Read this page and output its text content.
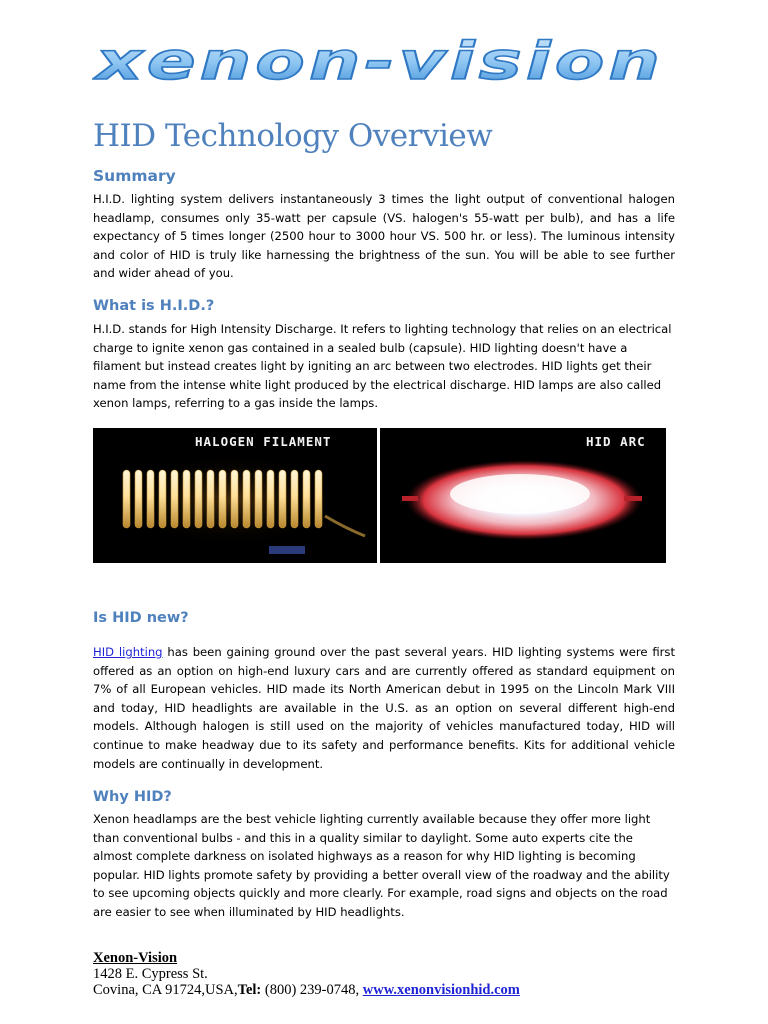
xenon-vision
HID Technology Overview
Summary

H.I.D. lighting system delivers instantaneously 3 times the light output of conventional halogen headlamp, consumes only 35-watt per capsule (VS. halogen's 55-watt per bulb), and has a life expectancy of 5 times longer (2500 hour to 3000 hour VS. 500 hr. or less). The luminous intensity and color of HID is truly like harnessing the brightness of the sun. You will be able to see further and wider ahead of you.

What is H.I.D.?

H.I.D. stands for High Intensity Discharge. It refers to lighting technology that relies on an electrical charge to ignite xenon gas contained in a sealed bulb (capsule). HID lighting doesn't have a filament but instead creates light by igniting an arc between two electrodes. HID lights get their name from the intense white light produced by the electrical discharge. HID lamps are also called xenon lamps, referring to a gas inside the lamps.

HALOGEN FILAMENT	HID ARC
Is HID new?

HID lighting has been gaining ground over the past several years. HID lighting systems were first offered as an option on high-end luxury cars and are currently offered as standard equipment on 7% of all European vehicles. HID made its North American debut in 1995 on the Lincoln Mark VIII and today, HID headlights are available in the U.S. as an option on several different high-end models. Although halogen is still used on the majority of vehicles manufactured today, HID will continue to make headway due to its safety and performance benefits. Kits for additional vehicle models are continually in development.

Why HID?

Xenon headlamps are the best vehicle lighting currently available because they offer more light than conventional bulbs - and this in a quality similar to daylight. Some auto experts cite the almost complete darkness on isolated highways as a reason for why HID lighting is becoming popular. HID lights promote safety by providing a better overall view of the roadway and the ability to see upcoming objects quickly and more clearly. For example, road signs and objects on the road are easier to see when illuminated by HID headlights.

Xenon-Vision
1428 E. Cypress St.
Covina, CA 91724,USA,Tel: (800) 239-0748, www.xenonvisionhid.com
